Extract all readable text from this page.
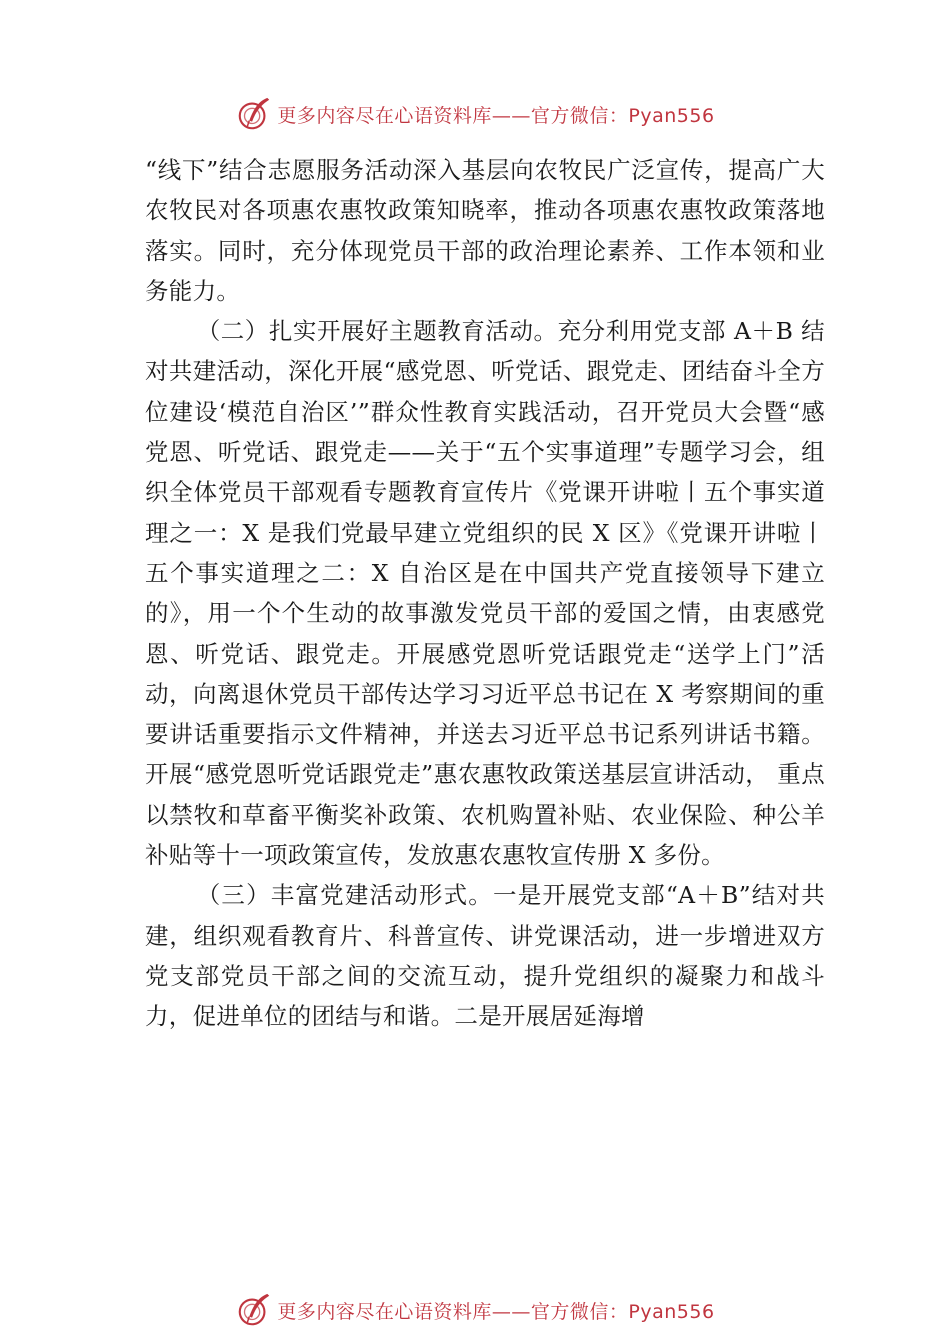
更多内容尽在心语资料库——官方微信：Pyan556

“线下”结合志愿服务活动深入基层向农牧民广泛宣传，提高广大农牧民对各项惠农惠牧政策知晓率，推动各项惠农惠牧政策落地落实。同时，充分体现党员干部的政治理论素养、工作本领和业务能力。

（二）扎实开展好主题教育活动。充分利用党支部 A＋B 结对共建活动，深化开展“感党恩、听党话、跟党走、团结奋斗全方位建设‘模范自治区’”群众性教育实践活动，召开党员大会暨“感党恩、听党话、跟党走——关于“五个实事道理”专题学习会，组织全体党员干部观看专题教育宣传片《党课开讲啦丨五个事实道理之一：X 是我们党最早建立党组织的民 X 区》《党课开讲啦丨五个事实道理之二：X 自治区是在中国共产党直接领导下建立的》，用一个个生动的故事激发党员干部的爱国之情，由衷感党恩、听党话、跟党走。开展感党恩听党话跟党走“送学上门”活动，向离退休党员干部传达学习习近平总书记在 X 考察期间的重要讲话重要指示文件精神，并送去习近平总书记系列讲话书籍。开展“感党恩听党话跟党走”惠农惠牧政策送基层宣讲活动， 重点以禁牧和草畜平衡奖补政策、农机购置补贴、农业保险、种公羊补贴等十一项政策宣传，发放惠农惠牧宣传册 X 多份。

（三）丰富党建活动形式。一是开展党支部“A＋B”结对共建，组织观看教育片、科普宣传、讲党课活动，进一步增进双方党支部党员干部之间的交流互动，提升党组织的凝聚力和战斗力，促进单位的团结与和谐。二是开展居延海增

更多内容尽在心语资料库——官方微信：Pyan556
